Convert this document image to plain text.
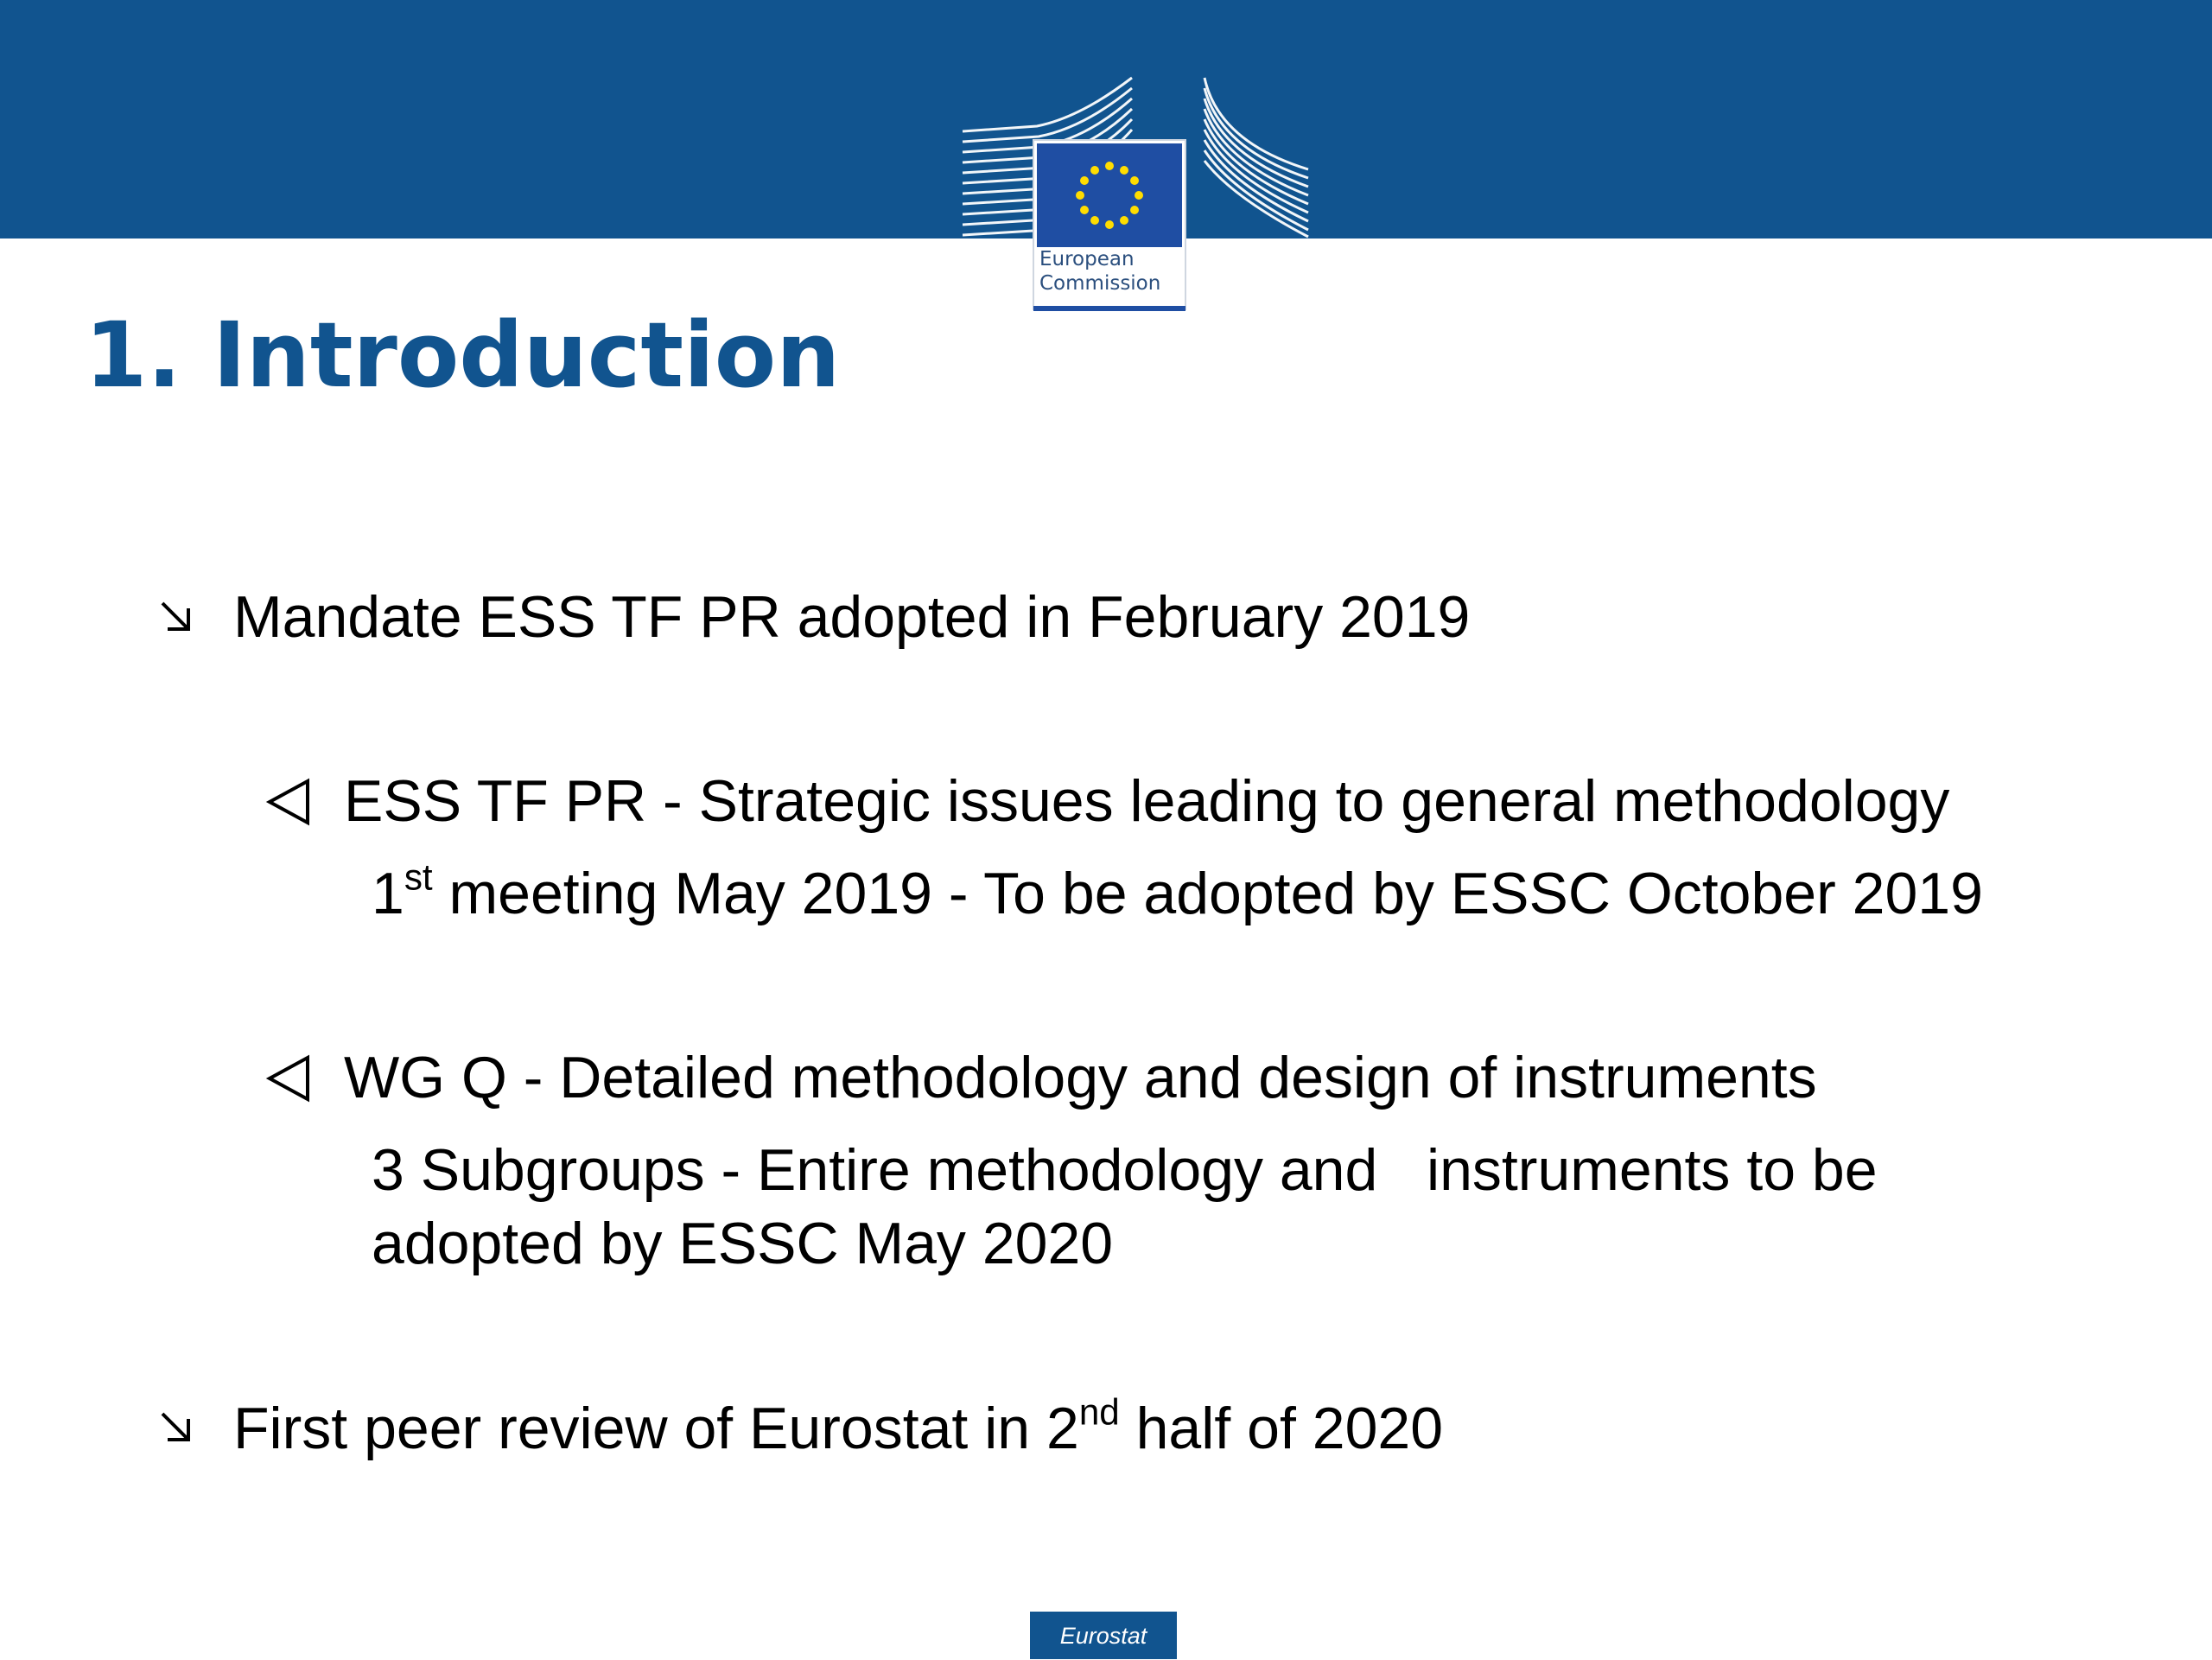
European
Commission
1. Introduction
Mandate ESS TF PR adopted in February 2019
ESS TF PR - Strategic issues leading to general methodology
1st meeting May 2019 - To be adopted by ESSC October 2019
WG Q - Detailed methodology and design of instruments
3 Subgroups - Entire methodology and   instruments to be
adopted by ESSC May 2020
First peer review of Eurostat in 2nd half of 2020
Eurostat
